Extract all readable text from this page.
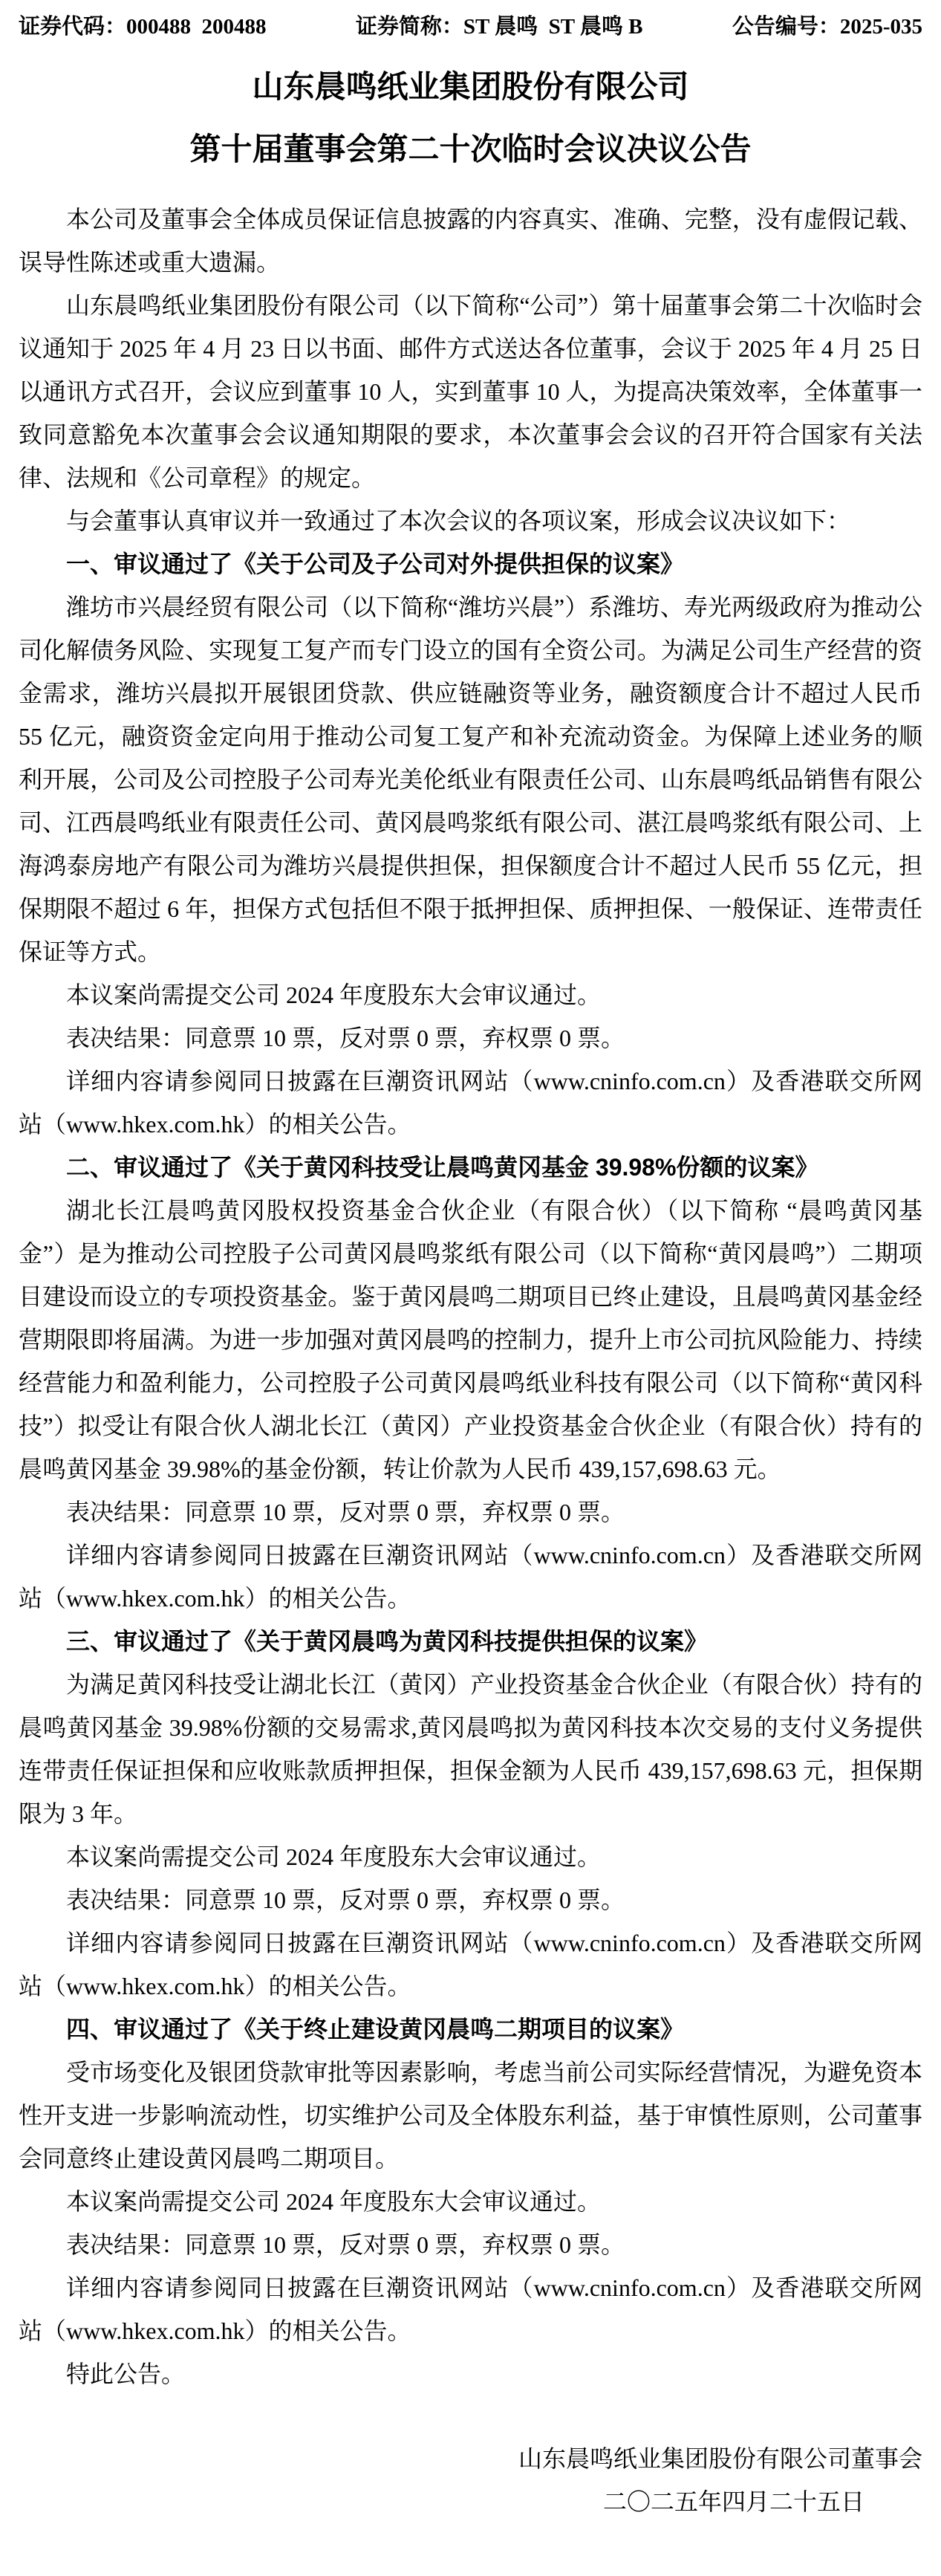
证券代码：000488  200488	证券简称：ST 晨鸣  ST 晨鸣 B	公告编号：2025-035
山东晨鸣纸业集团股份有限公司
第十届董事会第二十次临时会议决议公告

本公司及董事会全体成员保证信息披露的内容真实、准确、完整，没有虚假记载、误导性陈述或重大遗漏。

山东晨鸣纸业集团股份有限公司（以下简称“公司”）第十届董事会第二十次临时会议通知于 2025 年 4 月 23 日以书面、邮件方式送达各位董事，会议于 2025 年 4 月 25 日以通讯方式召开，会议应到董事 10 人，实到董事 10 人，为提高决策效率，全体董事一致同意豁免本次董事会会议通知期限的要求，本次董事会会议的召开符合国家有关法律、法规和《公司章程》的规定。

与会董事认真审议并一致通过了本次会议的各项议案，形成会议决议如下：

一、审议通过了《关于公司及子公司对外提供担保的议案》

潍坊市兴晨经贸有限公司（以下简称“潍坊兴晨”）系潍坊、寿光两级政府为推动公司化解债务风险、实现复工复产而专门设立的国有全资公司。为满足公司生产经营的资金需求，潍坊兴晨拟开展银团贷款、供应链融资等业务，融资额度合计不超过人民币 55 亿元，融资资金定向用于推动公司复工复产和补充流动资金。为保障上述业务的顺利开展，公司及公司控股子公司寿光美伦纸业有限责任公司、山东晨鸣纸品销售有限公司、江西晨鸣纸业有限责任公司、黄冈晨鸣浆纸有限公司、湛江晨鸣浆纸有限公司、上海鸿泰房地产有限公司为潍坊兴晨提供担保，担保额度合计不超过人民币 55 亿元，担保期限不超过 6 年，担保方式包括但不限于抵押担保、质押担保、一般保证、连带责任保证等方式。

本议案尚需提交公司 2024 年度股东大会审议通过。

表决结果：同意票 10 票，反对票 0 票，弃权票 0 票。

详细内容请参阅同日披露在巨潮资讯网站（www.cninfo.com.cn）及香港联交所网站（www.hkex.com.hk）的相关公告。

二、审议通过了《关于黄冈科技受让晨鸣黄冈基金 39.98%份额的议案》

湖北长江晨鸣黄冈股权投资基金合伙企业（有限合伙）（以下简称 “晨鸣黄冈基金”）是为推动公司控股子公司黄冈晨鸣浆纸有限公司（以下简称“黄冈晨鸣”）二期项目建设而设立的专项投资基金。鉴于黄冈晨鸣二期项目已终止建设，且晨鸣黄冈基金经营期限即将届满。为进一步加强对黄冈晨鸣的控制力，提升上市公司抗风险能力、持续经营能力和盈利能力，公司控股子公司黄冈晨鸣纸业科技有限公司（以下简称“黄冈科技”）拟受让有限合伙人湖北长江（黄冈）产业投资基金合伙企业（有限合伙）持有的晨鸣黄冈基金 39.98%的基金份额，转让价款为人民币 439,157,698.63 元。

表决结果：同意票 10 票，反对票 0 票，弃权票 0 票。

详细内容请参阅同日披露在巨潮资讯网站（www.cninfo.com.cn）及香港联交所网站（www.hkex.com.hk）的相关公告。

三、审议通过了《关于黄冈晨鸣为黄冈科技提供担保的议案》

为满足黄冈科技受让湖北长江（黄冈）产业投资基金合伙企业（有限合伙）持有的晨鸣黄冈基金 39.98%份额的交易需求,黄冈晨鸣拟为黄冈科技本次交易的支付义务提供连带责任保证担保和应收账款质押担保，担保金额为人民币 439,157,698.63 元，担保期限为 3 年。

本议案尚需提交公司 2024 年度股东大会审议通过。

表决结果：同意票 10 票，反对票 0 票，弃权票 0 票。

详细内容请参阅同日披露在巨潮资讯网站（www.cninfo.com.cn）及香港联交所网站（www.hkex.com.hk）的相关公告。

四、审议通过了《关于终止建设黄冈晨鸣二期项目的议案》

受市场变化及银团贷款审批等因素影响，考虑当前公司实际经营情况，为避免资本性开支进一步影响流动性，切实维护公司及全体股东利益，基于审慎性原则，公司董事会同意终止建设黄冈晨鸣二期项目。

本议案尚需提交公司 2024 年度股东大会审议通过。

表决结果：同意票 10 票，反对票 0 票，弃权票 0 票。

详细内容请参阅同日披露在巨潮资讯网站（www.cninfo.com.cn）及香港联交所网站（www.hkex.com.hk）的相关公告。

特此公告。

山东晨鸣纸业集团股份有限公司董事会

二〇二五年四月二十五日
